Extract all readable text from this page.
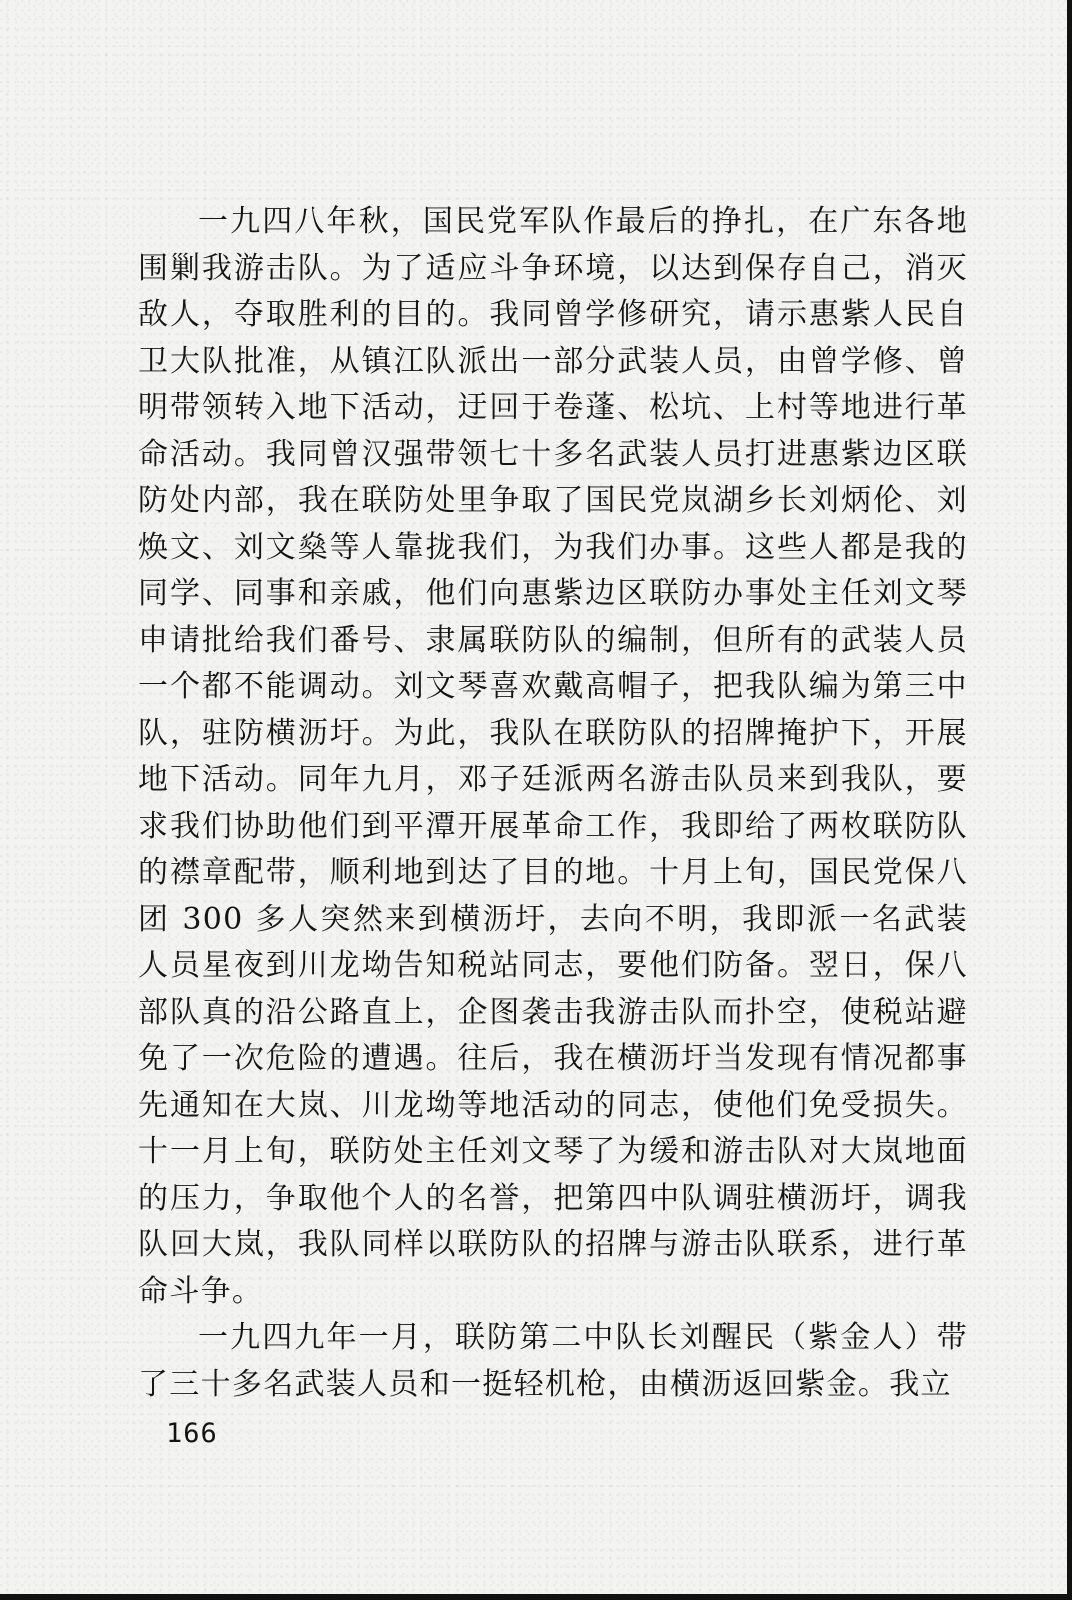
一九四八年秋，国民党军队作最后的挣扎，在广东各地围剿我游击队。为了适应斗争环境，以达到保存自己，消灭敌人，夺取胜利的目的。我同曾学修研究，请示惠紫人民自卫大队批准，从镇江队派出一部分武装人员，由曾学修、曾明带领转入地下活动，迂回于卷蓬、松坑、上村等地进行革命活动。我同曾汉强带领七十多名武装人员打进惠紫边区联防处内部，我在联防处里争取了国民党岚湖乡长刘炳伦、刘焕文、刘文燊等人靠拢我们，为我们办事。这些人都是我的同学、同事和亲戚，他们向惠紫边区联防办事处主任刘文琴申请批给我们番号、隶属联防队的编制，但所有的武装人员一个都不能调动。刘文琴喜欢戴高帽子，把我队编为第三中队，驻防横沥圩。为此，我队在联防队的招牌掩护下，开展地下活动。同年九月，邓子廷派两名游击队员来到我队，要求我们协助他们到平潭开展革命工作，我即给了两枚联防队的襟章配带，顺利地到达了目的地。十月上旬，国民党保八团 300 多人突然来到横沥圩，去向不明，我即派一名武装人员星夜到川龙坳告知税站同志，要他们防备。翌日，保八部队真的沿公路直上，企图袭击我游击队而扑空，使税站避免了一次危险的遭遇。往后，我在横沥圩当发现有情况都事先通知在大岚、川龙坳等地活动的同志，使他们免受损失。十一月上旬，联防处主任刘文琴了为缓和游击队对大岚地面的压力，争取他个人的名誉，把第四中队调驻横沥圩，调我队回大岚，我队同样以联防队的招牌与游击队联系，进行革命斗争。

一九四九年一月，联防第二中队长刘醒民（紫金人）带了三十多名武装人员和一挺轻机枪，由横沥返回紫金。我立

166
